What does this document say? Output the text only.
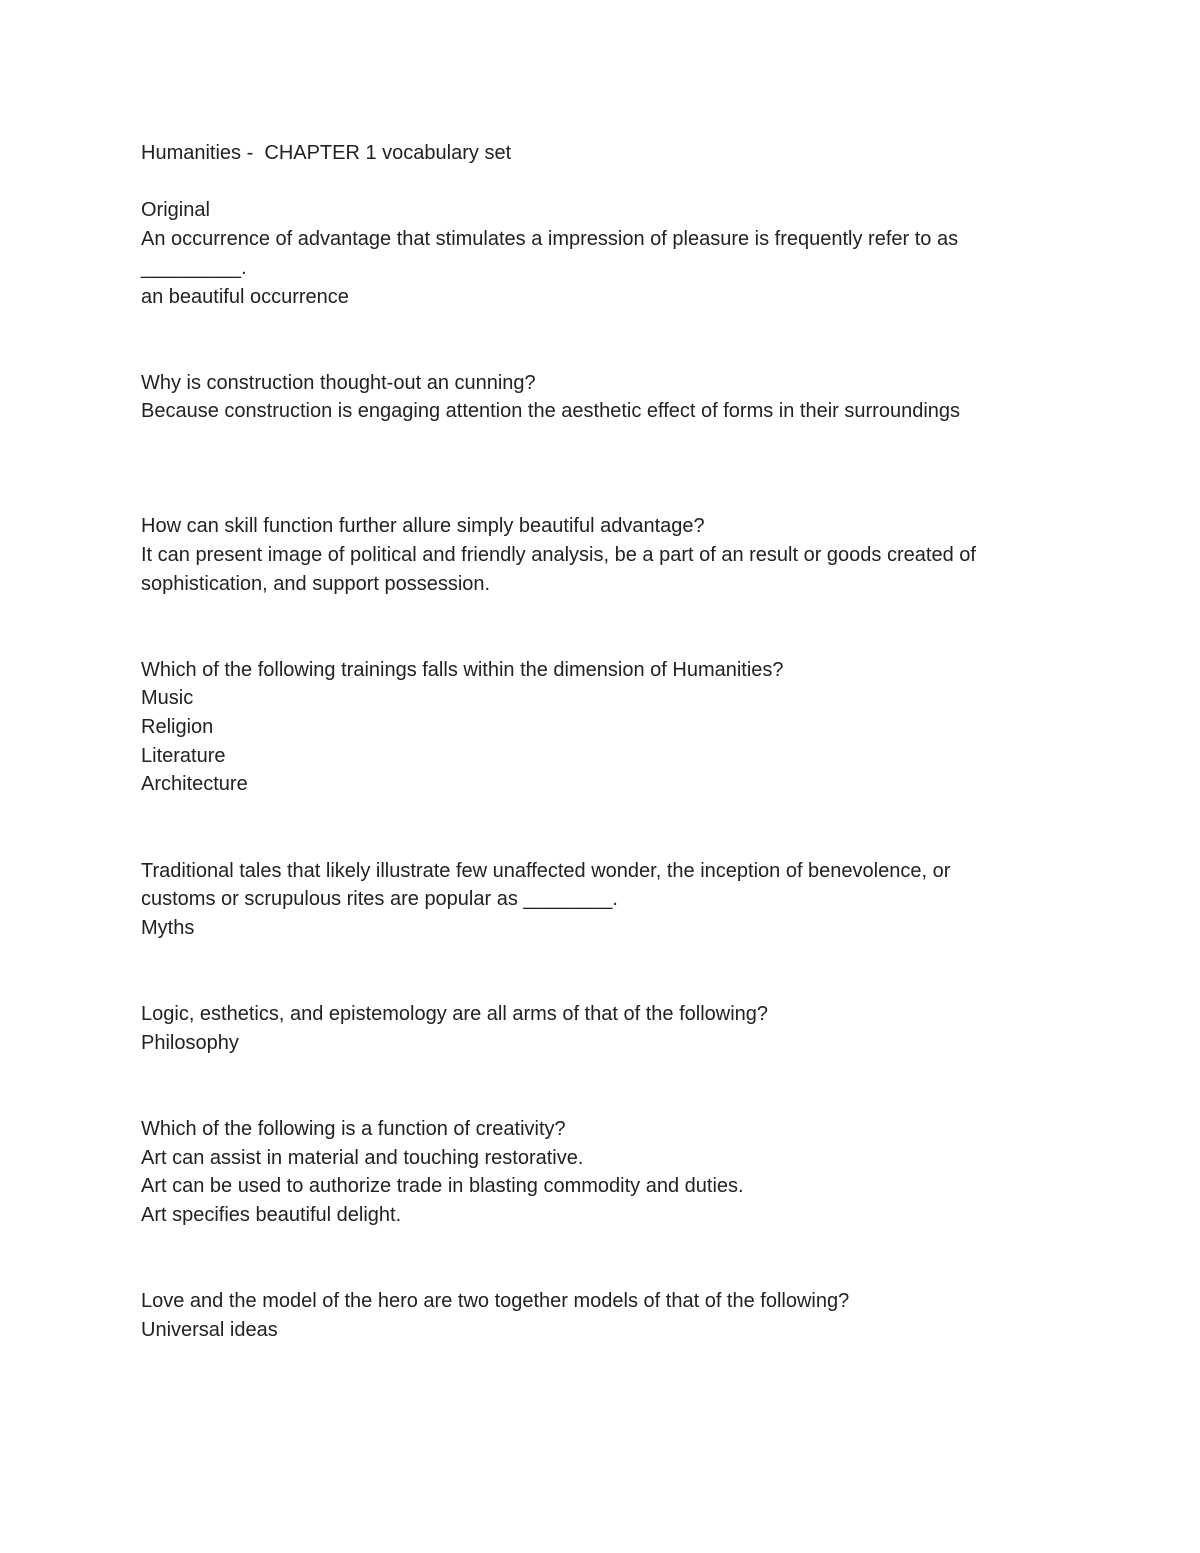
Humanities -  CHAPTER 1 vocabulary set
Original
An occurrence of advantage that stimulates a impression of pleasure is frequently refer to as
_________.
an beautiful occurrence
Why is construction thought-out an cunning?
Because construction is engaging attention the aesthetic effect of forms in their surroundings
How can skill function further allure simply beautiful advantage?
It can present image of political and friendly analysis, be a part of an result or goods created of
sophistication, and support possession.
Which of the following trainings falls within the dimension of Humanities?
Music
Religion
Literature
Architecture
Traditional tales that likely illustrate few unaffected wonder, the inception of benevolence, or
customs or scrupulous rites are popular as ________.
Myths
Logic, esthetics, and epistemology are all arms of that of the following?
Philosophy
Which of the following is a function of creativity?
Art can assist in material and touching restorative.
Art can be used to authorize trade in blasting commodity and duties.
Art specifies beautiful delight.
Love and the model of the hero are two together models of that of the following?
Universal ideas
